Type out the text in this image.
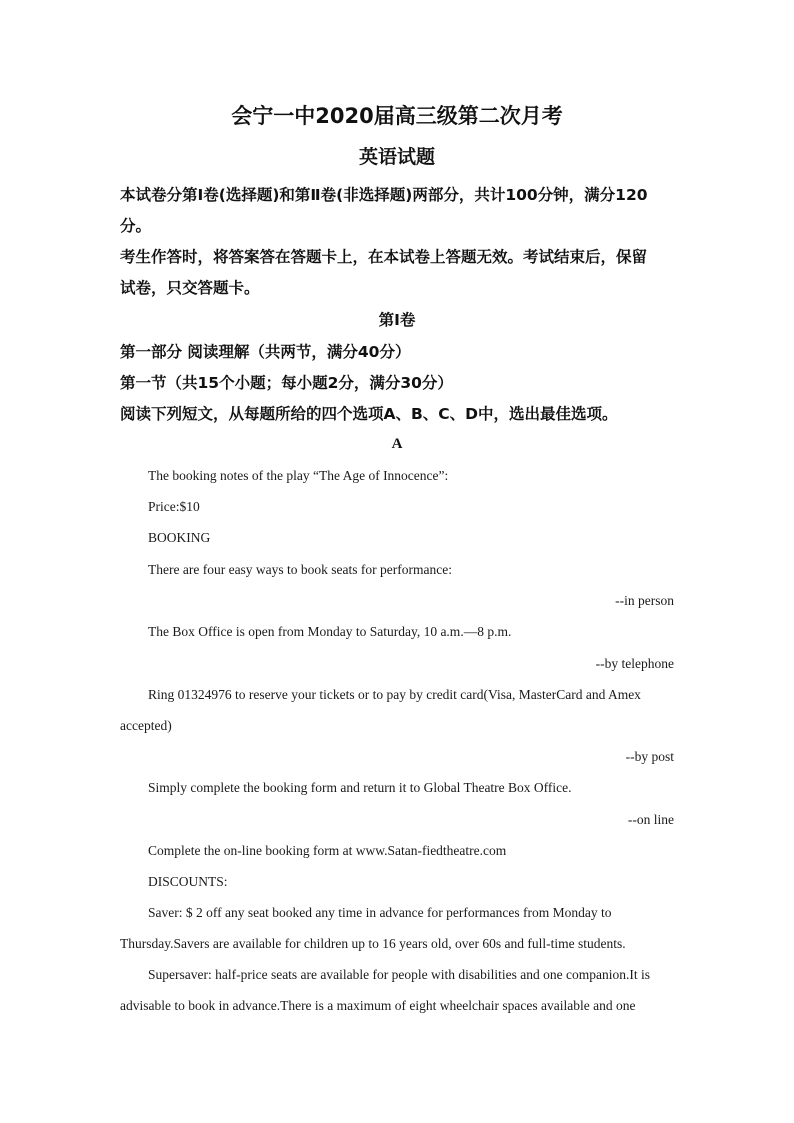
会宁一中2020届高三级第二次月考
英语试题
本试卷分第Ⅰ卷(选择题)和第Ⅱ卷(非选择题)两部分，共计100分钟，满分120
分。
考生作答时，将答案答在答题卡上，在本试卷上答题无效。考试结束后，保留
试卷，只交答题卡。
第I卷
第一部分 阅读理解（共两节，满分40分）
第一节（共15个小题；每小题2分，满分30分）
阅读下列短文，从每题所给的四个选项A、B、C、D中，选出最佳选项。
A
The booking notes of the play “The Age of Innocence”:
Price:$10
BOOKING
There are four easy ways to book seats for performance:
--in person
The Box Office is open from Monday to Saturday, 10 a.m.—8 p.m.
--by telephone
Ring 01324976 to reserve your tickets or to pay by credit card(Visa, MasterCard and Amex
accepted)
--by post
Simply complete the booking form and return it to Global Theatre Box Office.
--on line
Complete the on-line booking form at www.Satan-fiedtheatre.com
DISCOUNTS:
Saver: $ 2 off any seat booked any time in advance for performances from Monday to
Thursday.Savers are available for children up to 16 years old, over 60s and full-time students.
Supersaver: half-price seats are available for people with disabilities and one companion.It is
advisable to book in advance.There is a maximum of eight wheelchair spaces available and one
